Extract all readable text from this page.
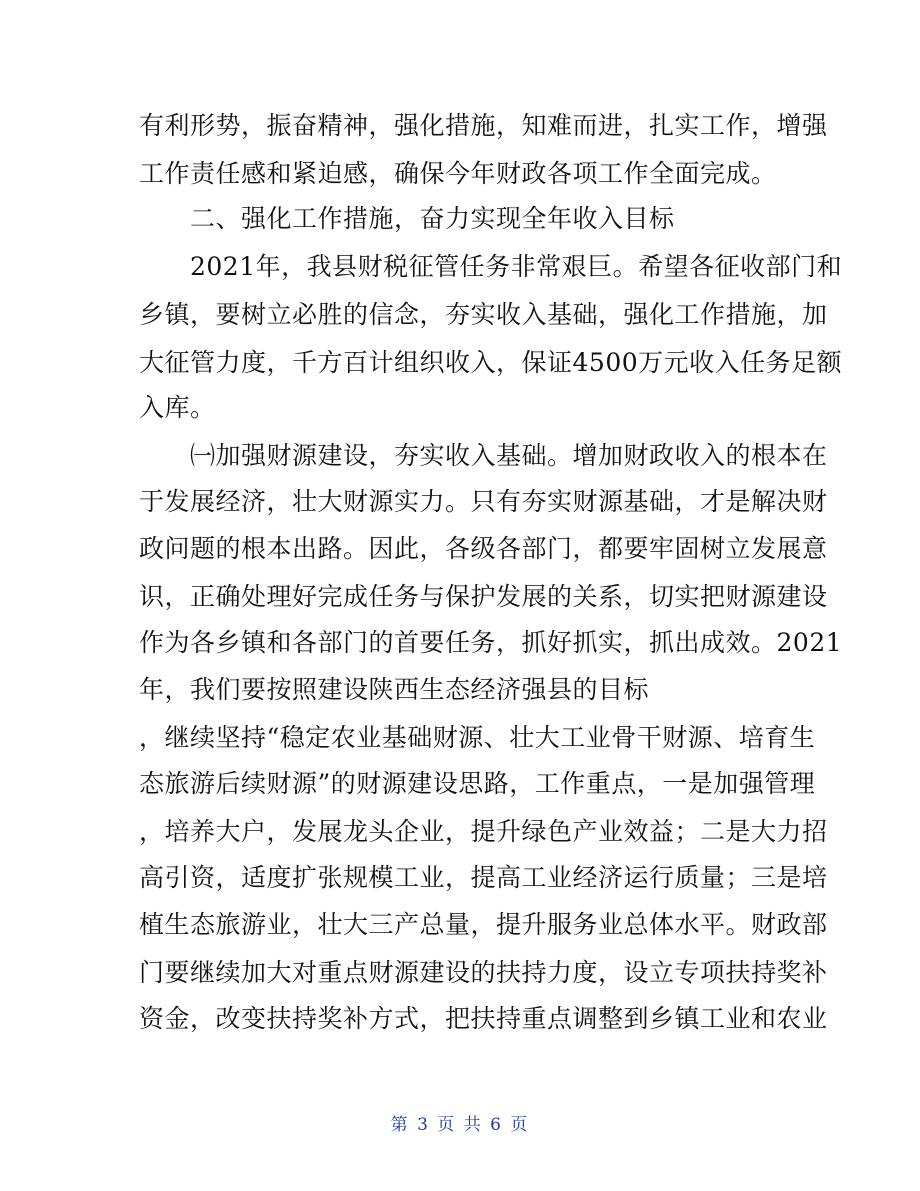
有利形势，振奋精神，强化措施，知难而进，扎实工作，增强
工作责任感和紧迫感，确保今年财政各项工作全面完成。
　　二、强化工作措施，奋力实现全年收入目标
　　2021年，我县财税征管任务非常艰巨。希望各征收部门和
乡镇，要树立必胜的信念，夯实收入基础，强化工作措施，加
大征管力度，千方百计组织收入，保证4500万元收入任务足额
入库。
　　㈠加强财源建设，夯实收入基础。增加财政收入的根本在
于发展经济，壮大财源实力。只有夯实财源基础，才是解决财
政问题的根本出路。因此，各级各部门，都要牢固树立发展意
识，正确处理好完成任务与保护发展的关系，切实把财源建设
作为各乡镇和各部门的首要任务，抓好抓实，抓出成效。2021
年，我们要按照建设陕西生态经济强县的目标
，继续坚持“稳定农业基础财源、壮大工业骨干财源、培育生
态旅游后续财源”的财源建设思路，工作重点，一是加强管理
，培养大户，发展龙头企业，提升绿色产业效益；二是大力招
高引资，适度扩张规模工业，提高工业经济运行质量；三是培
植生态旅游业，壮大三产总量，提升服务业总体水平。财政部
门要继续加大对重点财源建设的扶持力度，设立专项扶持奖补
资金，改变扶持奖补方式，把扶持重点调整到乡镇工业和农业
第 3 页 共 6 页
